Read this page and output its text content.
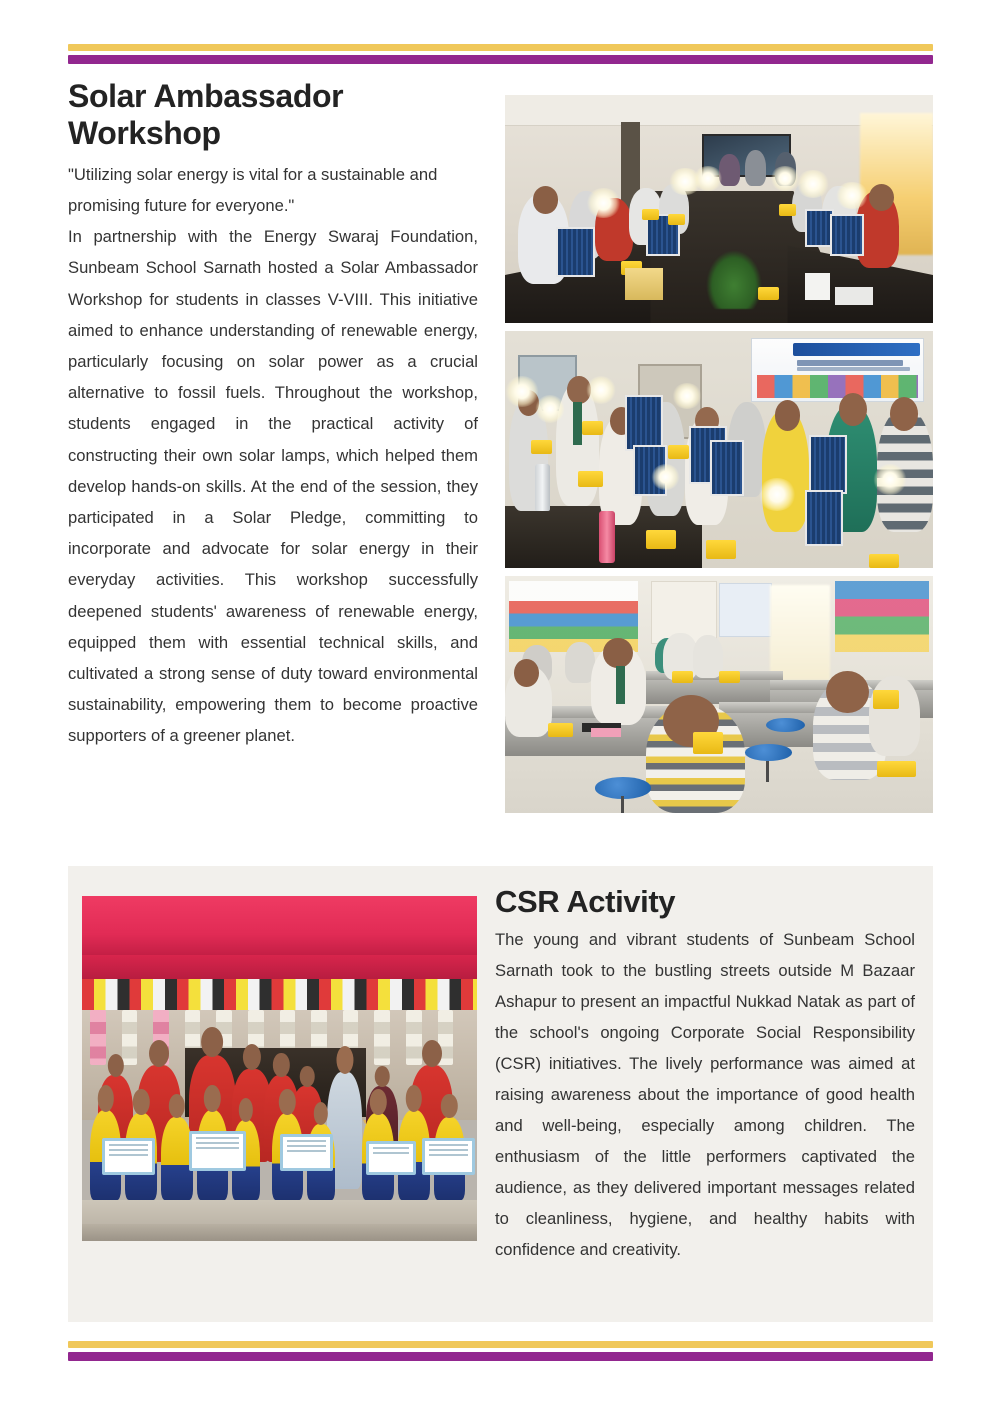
Solar Ambassador
Workshop

"Utilizing solar energy is vital for a sustainable and promising future for everyone."

In partnership with the Energy Swaraj Foundation, Sunbeam School Sarnath hosted a Solar Ambassador Workshop for students in classes V-VIII. This initiative aimed to enhance understanding of renewable energy, particularly focusing on solar power as a crucial alternative to fossil fuels. Throughout the workshop, students engaged in the practical activity of constructing their own solar lamps, which helped them develop hands-on skills. At the end of the session, they participated in a Solar Pledge, committing to incorporate and advocate for solar energy in their everyday activities. This workshop successfully deepened students' awareness of renewable energy, equipped them with essential technical skills, and cultivated a strong sense of duty toward environmental sustainability, empowering them to become proactive supporters of a greener planet.

CSR Activity

The young and vibrant students of Sunbeam School Sarnath took to the bustling streets outside M Bazaar Ashapur to present an impactful Nukkad Natak as part of the school's ongoing Corporate Social Responsibility (CSR) initiatives. The lively performance was aimed at raising awareness about the importance of good health and well-being, especially among children. The enthusiasm of the little performers captivated the audience, as they delivered important messages related to cleanliness, hygiene, and healthy habits with confidence and creativity.
